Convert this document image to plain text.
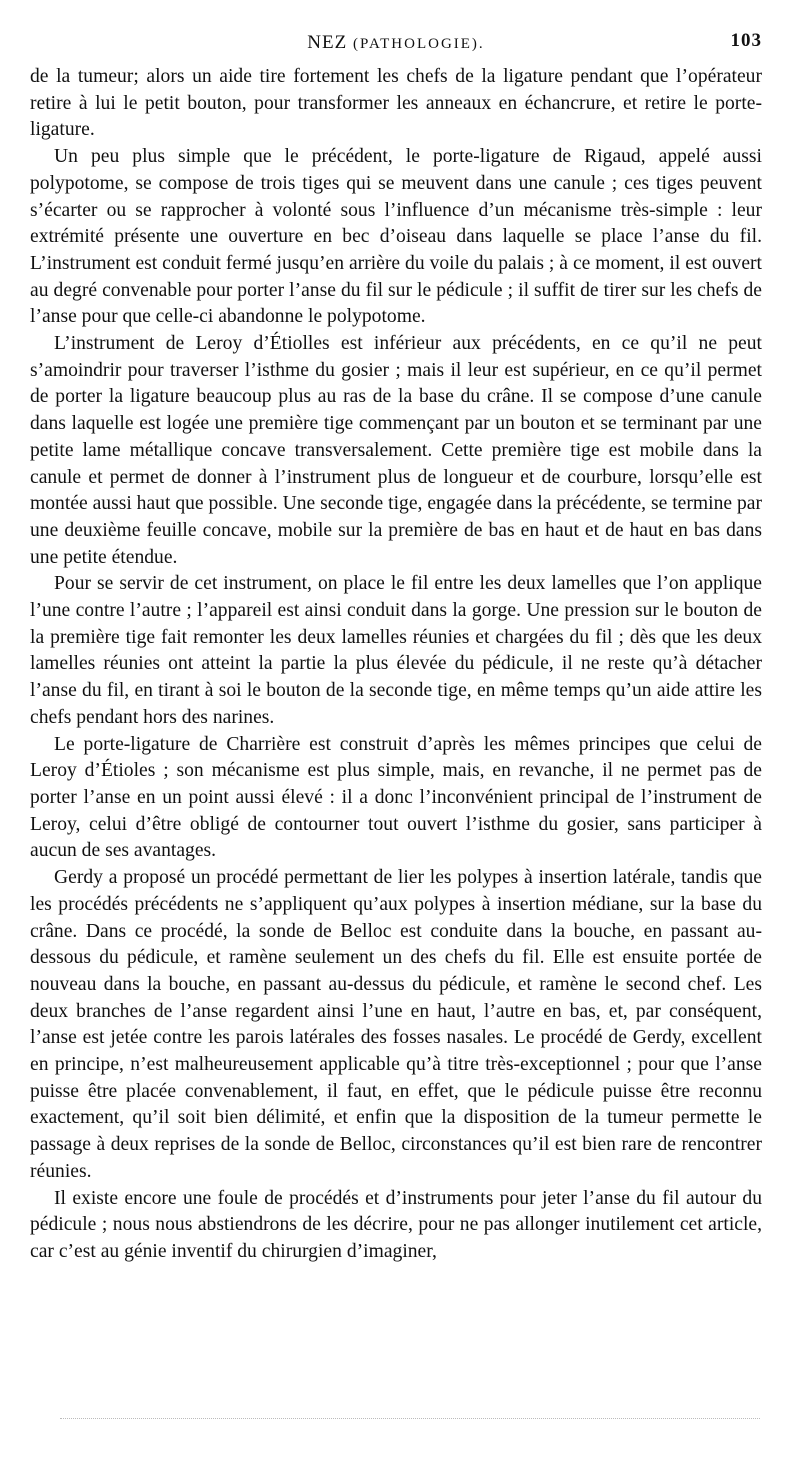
NEZ (PATHOLOGIE).	103

de la tumeur; alors un aide tire fortement les chefs de la ligature pendant que l’opérateur retire à lui le petit bouton, pour transformer les anneaux en échancrure, et retire le porte-ligature.

Un peu plus simple que le précédent, le porte-ligature de Rigaud, appelé aussi polypotome, se compose de trois tiges qui se meuvent dans une canule ; ces tiges peuvent s’écarter ou se rapprocher à volonté sous l’influence d’un mécanisme très-simple : leur extrémité présente une ouverture en bec d’oiseau dans laquelle se place l’anse du fil. L’instrument est conduit fermé jusqu’en arrière du voile du palais ; à ce moment, il est ouvert au degré convenable pour porter l’anse du fil sur le pédicule ; il suffit de tirer sur les chefs de l’anse pour que celle-ci abandonne le polypotome.

L’instrument de Leroy d’Étiolles est inférieur aux précédents, en ce qu’il ne peut s’amoindrir pour traverser l’isthme du gosier ; mais il leur est supérieur, en ce qu’il permet de porter la ligature beaucoup plus au ras de la base du crâne. Il se compose d’une canule dans laquelle est logée une première tige commençant par un bouton et se terminant par une petite lame métallique concave transversalement. Cette première tige est mobile dans la canule et permet de donner à l’instrument plus de longueur et de courbure, lorsqu’elle est montée aussi haut que possible. Une seconde tige, engagée dans la précédente, se termine par une deuxième feuille concave, mobile sur la première de bas en haut et de haut en bas dans une petite étendue.

Pour se servir de cet instrument, on place le fil entre les deux lamelles que l’on applique l’une contre l’autre ; l’appareil est ainsi conduit dans la gorge. Une pression sur le bouton de la première tige fait remonter les deux lamelles réunies et chargées du fil ; dès que les deux lamelles réunies ont atteint la partie la plus élevée du pédicule, il ne reste qu’à détacher l’anse du fil, en tirant à soi le bouton de la seconde tige, en même temps qu’un aide attire les chefs pendant hors des narines.

Le porte-ligature de Charrière est construit d’après les mêmes principes que celui de Leroy d’Étioles ; son mécanisme est plus simple, mais, en revanche, il ne permet pas de porter l’anse en un point aussi élevé : il a donc l’inconvénient principal de l’instrument de Leroy, celui d’être obligé de contourner tout ouvert l’isthme du gosier, sans participer à aucun de ses avantages.

Gerdy a proposé un procédé permettant de lier les polypes à insertion latérale, tandis que les procédés précédents ne s’appliquent qu’aux polypes à insertion médiane, sur la base du crâne. Dans ce procédé, la sonde de Belloc est conduite dans la bouche, en passant au-dessous du pédicule, et ramène seulement un des chefs du fil. Elle est ensuite portée de nouveau dans la bouche, en passant au-dessus du pédicule, et ramène le second chef. Les deux branches de l’anse regardent ainsi l’une en haut, l’autre en bas, et, par conséquent, l’anse est jetée contre les parois latérales des fosses nasales. Le procédé de Gerdy, excellent en principe, n’est malheureusement applicable qu’à titre très-exceptionnel ; pour que l’anse puisse être placée convenablement, il faut, en effet, que le pédicule puisse être reconnu exactement, qu’il soit bien délimité, et enfin que la disposition de la tumeur permette le passage à deux reprises de la sonde de Belloc, circonstances qu’il est bien rare de rencontrer réunies.

Il existe encore une foule de procédés et d’instruments pour jeter l’anse du fil autour du pédicule ; nous nous abstiendrons de les décrire, pour ne pas allonger inutilement cet article, car c’est au génie inventif du chirurgien d’imaginer,
